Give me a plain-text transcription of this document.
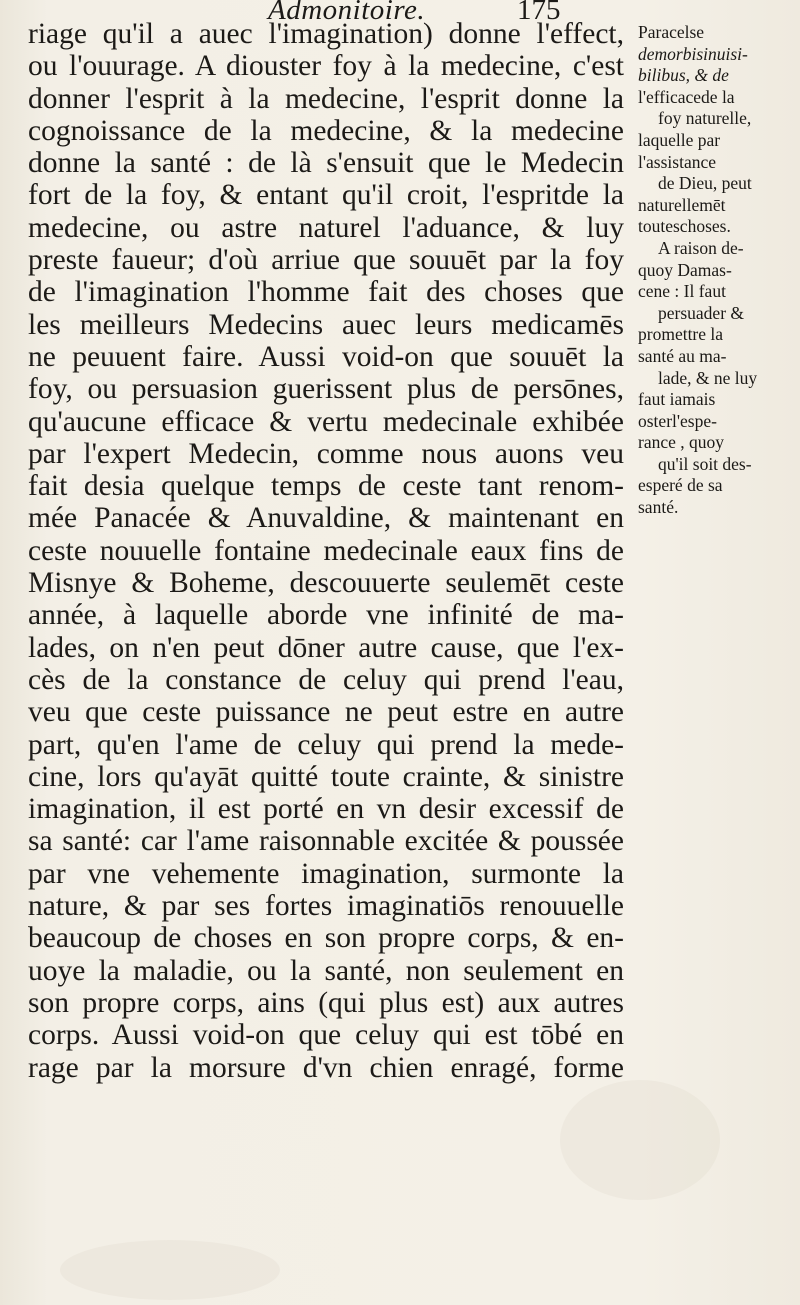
Admonitoire.	175
riage qu'il a auec l'imagination) donne l'effect,
ou l'ouurage. A diouster foy à la medecine, c'est
donner l'esprit à la medecine, l'esprit donne la
cognoissance de la medecine, & la medecine
donne la santé : de là s'ensuit que le Medecin
fort de la foy, & entant qu'il croit, l'espritde la
medecine, ou astre naturel l'aduance, & luy
preste faueur; d'où arriue que souuēt par la foy
de l'imagination l'homme fait des choses que
les meilleurs Medecins auec leurs medicamēs
ne peuuent faire. Aussi void-on que souuēt la
foy, ou persuasion guerissent plus de persōnes,
qu'aucune efficace & vertu medecinale exhibée
par l'expert Medecin, comme nous auons veu
fait desia quelque temps de ceste tant renom-
mée Panacée & Anuvaldine, & maintenant en
ceste nouuelle fontaine medecinale eaux fins de
Misnye & Boheme, descouuerte seulemēt ceste
année, à laquelle aborde vne infinité de ma-
lades, on n'en peut dōner autre cause, que l'ex-
cès de la constance de celuy qui prend l'eau,
veu que ceste puissance ne peut estre en autre
part, qu'en l'ame de celuy qui prend la mede-
cine, lors qu'ayāt quitté toute crainte, & sinistre
imagination, il est porté en vn desir excessif de
sa santé: car l'ame raisonnable excitée & poussée
par vne vehemente imagination, surmonte la
nature, & par ses fortes imaginatiōs renouuelle
beaucoup de choses en son propre corps, & en-
uoye la maladie, ou la santé, non seulement en
son propre corps, ains (qui plus est) aux autres
corps. Aussi void-on que celuy qui est tōbé en
rage par la morsure d'vn chien enragé, forme
Paracelse
demorbisinuisi-
bilibus, & de
l'efficacede la
foy naturelle,
laquelle par
l'assistance
de Dieu, peut
naturellemēt
touteschoses.
A raison de-
quoy Damas-
cene : Il faut
persuader &
promettre la
santé au ma-
lade, & ne luy
faut iamais
osterl'espe-
rance , quoy
qu'il soit des-
esperé de sa
santé.
